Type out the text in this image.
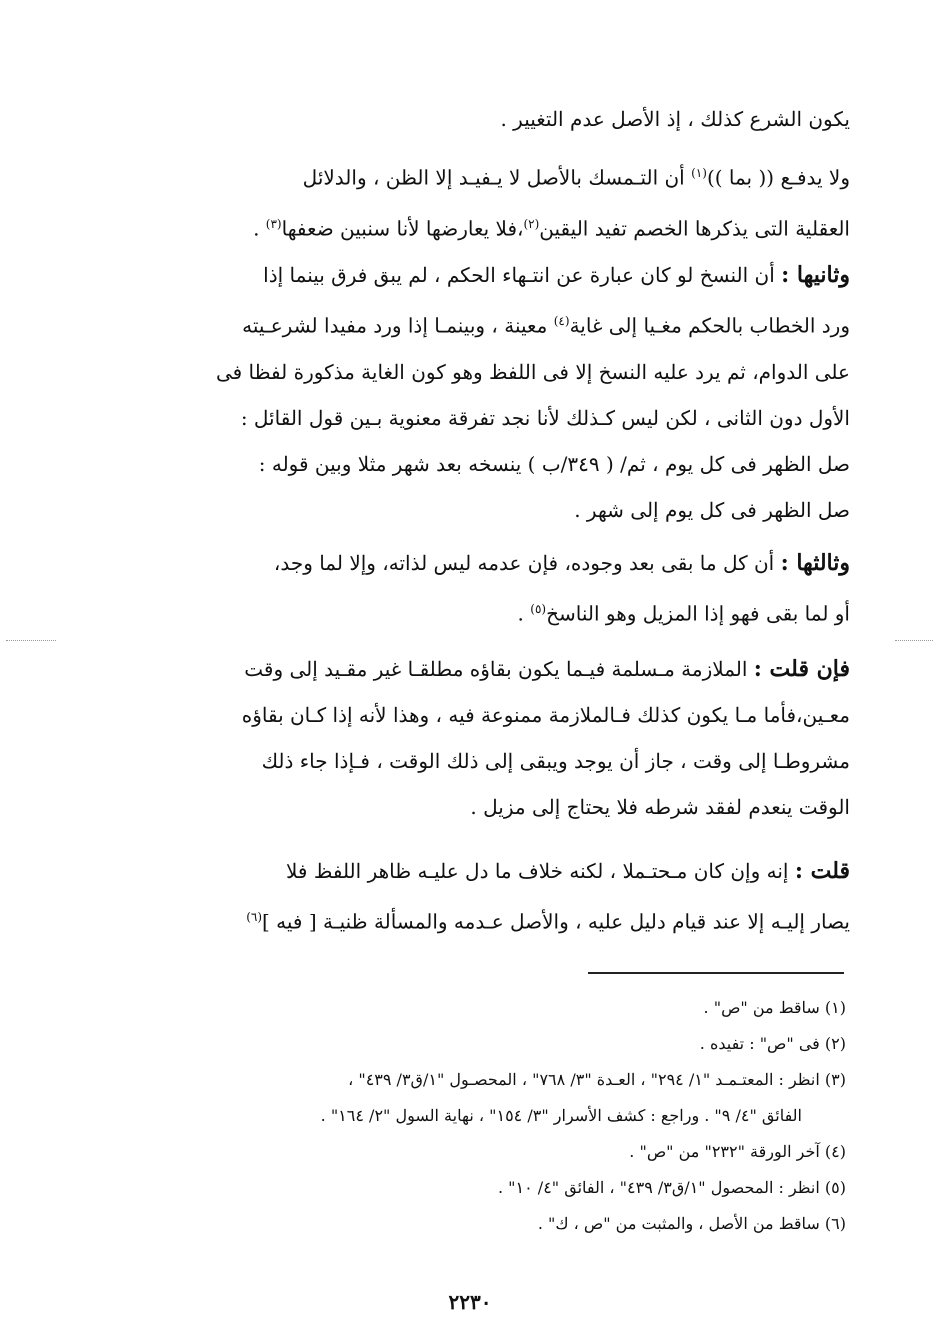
يكون الشرع كذلك ، إذ الأصل عدم التغيير .
ولا يدفـع (( بما ))$^{(١)}$ أن التـمسك بالأصل لا يـفيـد إلا الظن ، والدلائل
العقلية التى يذكرها الخصم تفيد اليقين$^{(٢)}$،فلا يعارضها لأنا سنبين ضعفها$^{(٣)}$ .
وثانيها : أن النسخ لو كان عبارة عن انتـهاء الحكم ، لم يبق فرق بينما إذا
ورد الخطاب بالحكم مغـيا إلى غاية$^{(٤)}$ معينة ، وبينمـا إذا ورد مفيدا لشرعـيته
على الدوام، ثم يرد عليه النسخ إلا فى اللفظ وهو كون الغاية مذكورة لفظا فى
الأول دون الثانى ، لكن ليس كـذلك لأنا نجد تفرقة معنوية بـين قول القائل :
صل الظهر فى كل يوم ، ثم/ ( ٣٤٩/ب ) ينسخه بعد شهر مثلا وبين قوله :
صل الظهر فى كل يوم إلى شهر .
وثالثها : أن كل ما بقى بعد وجوده، فإن عدمه ليس لذاته، وإلا لما وجد،
أو لما بقى فهو إذا المزيل وهو الناسخ$^{(٥)}$ .
فإن قلت : الملازمة مـسلمة فيـما يكون بقاؤه مطلقـا غير مقـيد إلى وقت
معـين،فأما مـا يكون كذلك فـالملازمة ممنوعة فيه ، وهذا لأنه إذا كـان بقاؤه
مشروطـا إلى وقت ، جاز أن يوجد ويبقى إلى ذلك الوقت ، فـإذا جاء ذلك
الوقت ينعدم لفقد شرطه فلا يحتاج إلى مزيل .
قلت : إنه وإن كان مـحتـملا ، لكنه خلاف ما دل عليـه ظاهر اللفظ فلا
يصار إليـه إلا عند قيام دليل عليه ، والأصل عـدمه والمسألة ظنيـة [ فيه ]$^{(٦)}$
(١) ساقط من "ص" .
(٢) فى "ص" : تفيده .
(٣) انظر : المعتـمـد "١/ ٢٩٤" ، العـدة "٣/ ٧٦٨" ، المحصـول "١/ق٣/ ٤٣٩" ،
الفائق "٤/ ٩" . وراجع : كشف الأسرار "٣/ ١٥٤" ، نهاية السول "٢/ ١٦٤" .
(٤) آخر الورقة "٢٣٢" من "ص" .
(٥) انظر : المحصول "١/ق٣/ ٤٣٩" ، الفائق "٤/ ١٠" .
(٦) ساقط من الأصل ، والمثبت من "ص ، ك" .
٢٢٣٠
